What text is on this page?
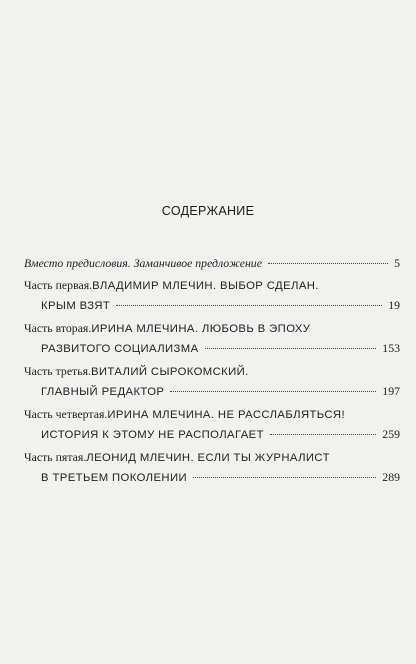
СОДЕРЖАНИЕ
Вместо предисловия. Заманчивое предложение	5
Часть первая. ВЛАДИМИР МЛЕЧИН. ВЫБОР СДЕЛАН.
КРЫМ ВЗЯТ	19
Часть вторая. ИРИНА МЛЕЧИНА. ЛЮБОВЬ В ЭПОХУ
РАЗВИТОГО СОЦИАЛИЗМА	153
Часть третья. ВИТАЛИЙ СЫРОКОМСКИЙ.
ГЛАВНЫЙ РЕДАКТОР	197
Часть четвертая. ИРИНА МЛЕЧИНА. НЕ РАССЛАБЛЯТЬСЯ!
ИСТОРИЯ К ЭТОМУ НЕ РАСПОЛАГАЕТ	259
Часть пятая. ЛЕОНИД МЛЕЧИН. ЕСЛИ ТЫ ЖУРНАЛИСТ
В ТРЕТЬЕМ ПОКОЛЕНИИ	289
